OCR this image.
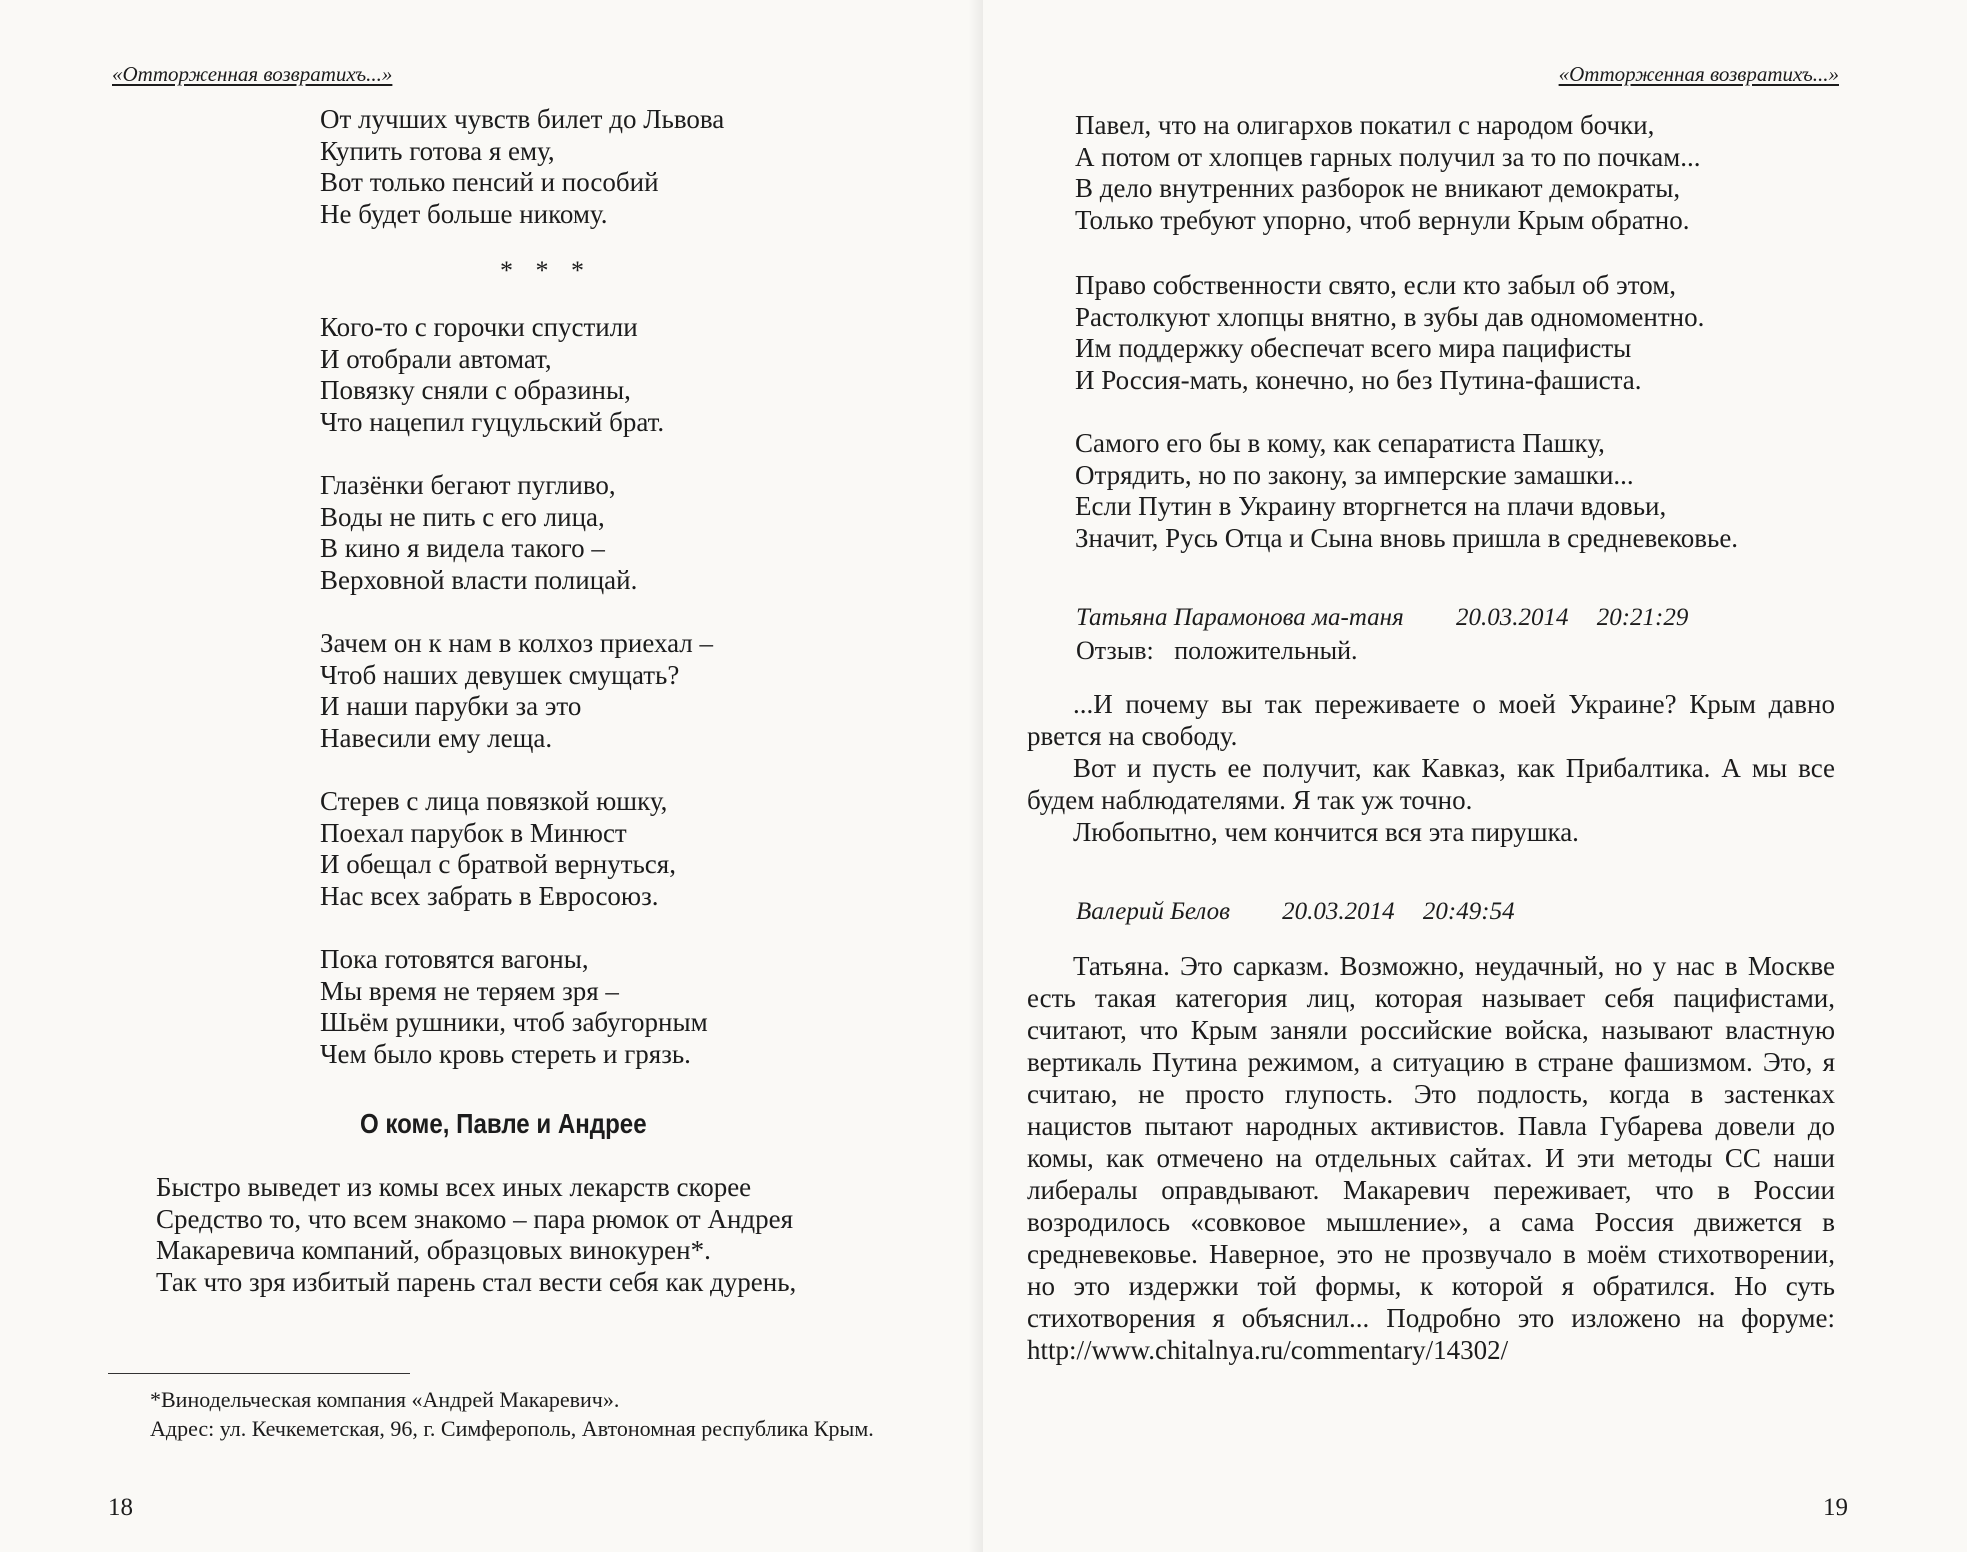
«Отторженная возвратихъ...»
От лучших чувств билет до Львова
Купить готова я ему,
Вот только пенсий и пособий
Не будет больше никому.
* * *
Кого-то с горочки спустили
И отобрали автомат,
Повязку сняли с образины,
Что нацепил гуцульский брат.
Глазёнки бегают пугливо,
Воды не пить с его лица,
В кино я видела такого –
Верховной власти полицай.
Зачем он к нам в колхоз приехал –
Чтоб наших девушек смущать?
И наши парубки за это
Навесили ему леща.
Стерев с лица повязкой юшку,
Поехал парубок в Минюст
И обещал с братвой вернуться,
Нас всех забрать в Евросоюз.
Пока готовятся вагоны,
Мы время не теряем зря –
Шьём рушники, чтоб забугорным
Чем было кровь стереть и грязь.
О коме, Павле и Андрее
Быстро выведет из комы всех иных лекарств скорее
Средство то, что всем знакомо – пара рюмок от Андрея
Макаревича компаний, образцовых винокурен*.
Так что зря избитый парень стал вести себя как дурень,

*Винодельческая компания «Андрей Макаревич».

Адрес: ул. Кечкеметская, 96, г. Симферополь, Автономная республика Крым.

18
«Отторженная возвратихъ...»
Павел, что на олигархов покатил с народом бочки,
А потом от хлопцев гарных получил за то по почкам...
В дело внутренних разборок не вникают демократы,
Только требуют упорно, чтоб вернули Крым обратно.
Право собственности свято, если кто забыл об этом,
Растолкуют хлопцы внятно, в зубы дав одномоментно.
Им поддержку обеспечат всего мира пацифисты
И Россия-мать, конечно, но без Путина-фашиста.
Самого его бы в кому, как сепаратиста Пашку,
Отрядить, но по закону, за имперские замашки...
Если Путин в Украину вторгнется на плачи вдовьи,
Значит, Русь Отца и Сына вновь пришла в средневековье.
Татьяна Парамонова ма-таня 20.03.2014 20:21:29
Отзыв: положительный.

...И почему вы так переживаете о моей Украине? Крым давно рвется на свободу.

Вот и пусть ее получит, как Кавказ, как Прибалтика. А мы все будем наблюдателями. Я так уж точно.

Любопытно, чем кончится вся эта пирушка.

Валерий Белов 20.03.2014 20:49:54

Татьяна. Это сарказм. Возможно, неудачный, но у нас в Москве есть такая категория лиц, которая называет себя пацифистами, считают, что Крым заняли российские войска, называют властную вертикаль Путина режимом, а ситуацию в стране фашизмом. Это, я считаю, не просто глупость. Это подлость, когда в застенках нацистов пытают народных активистов. Павла Губарева довели до комы, как отмечено на отдельных сайтах. И эти методы СС наши либералы оправдывают. Макаревич переживает, что в России возродилось «совковое мышление», а сама Россия движется в средневековье. Наверное, это не прозвучало в моём стихотворении, но это издержки той формы, к которой я обратился. Но суть стихотворения я объяснил... Подробно это изложено на форуме: http://www.chitalnya.ru/commentary/14302/

19
